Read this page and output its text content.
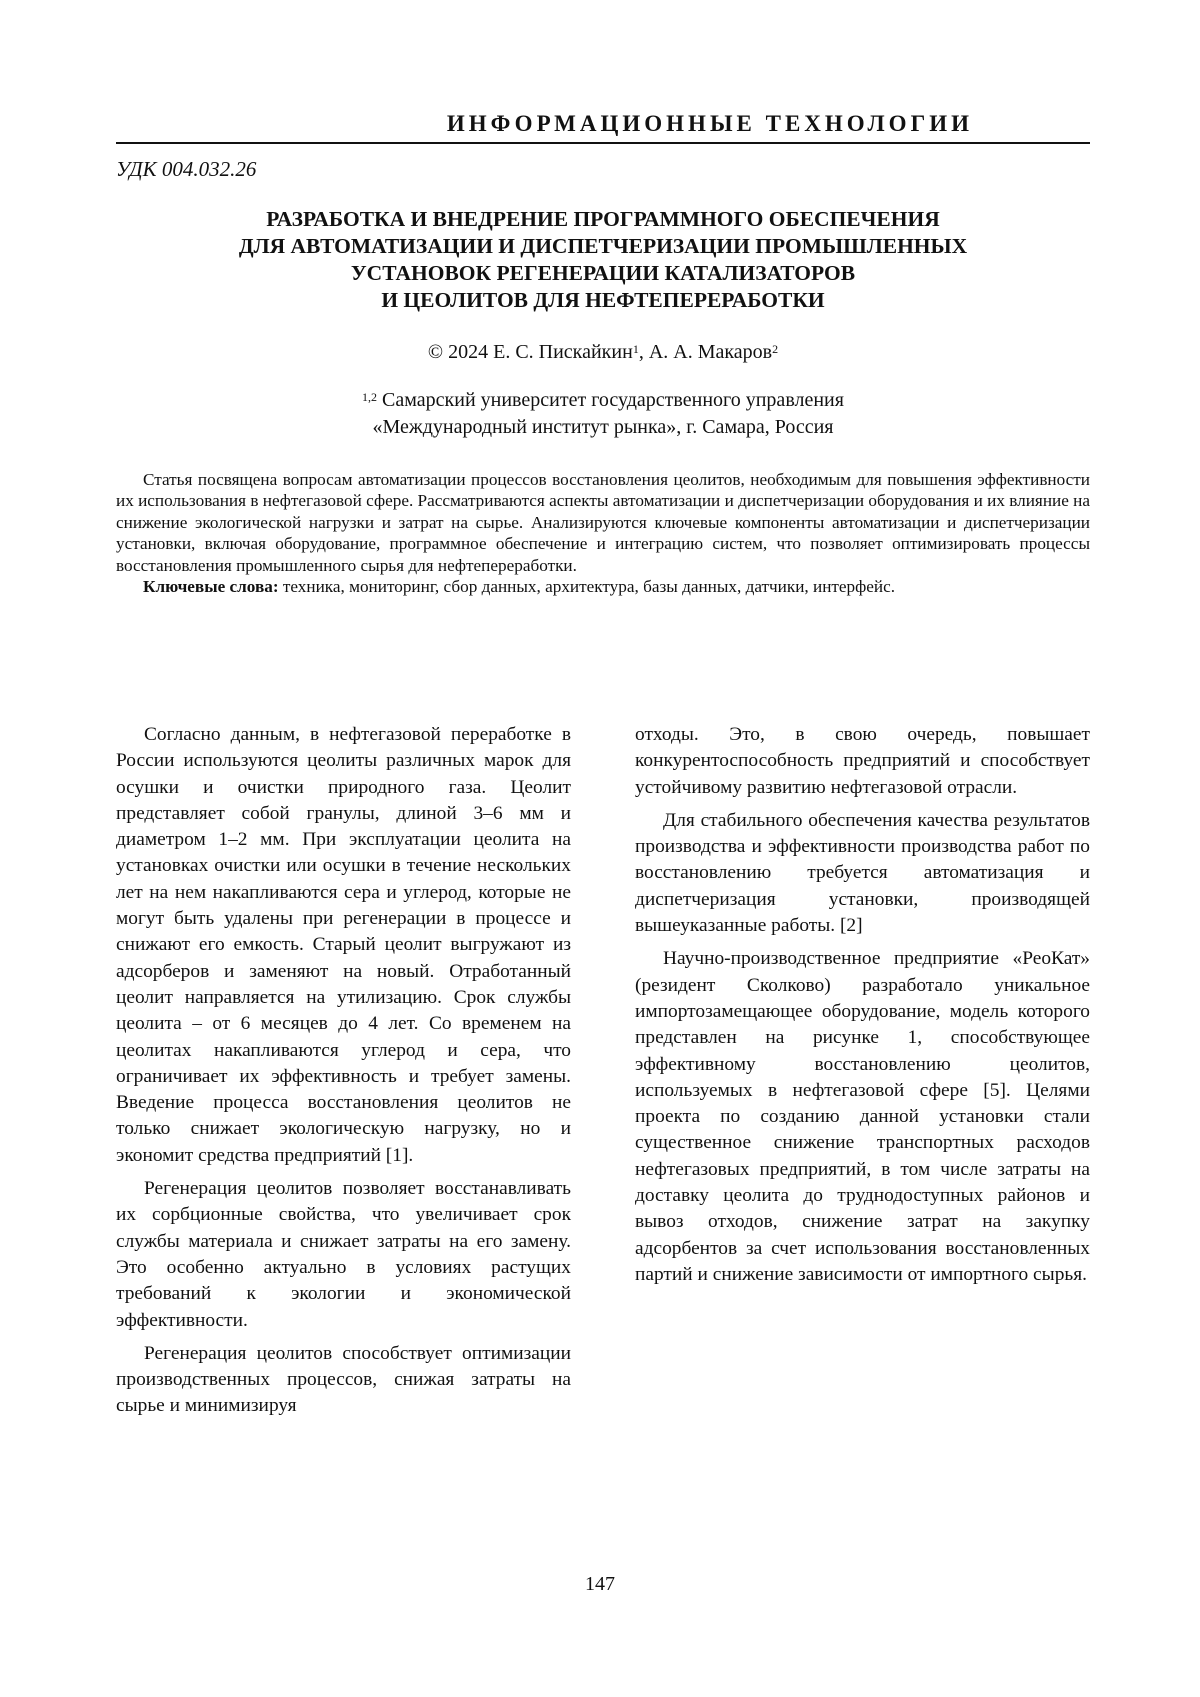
ИНФОРМАЦИОННЫЕ ТЕХНОЛОГИИ
УДК 004.032.26
РАЗРАБОТКА И ВНЕДРЕНИЕ ПРОГРАММНОГО ОБЕСПЕЧЕНИЯ
ДЛЯ АВТОМАТИЗАЦИИ И ДИСПЕТЧЕРИЗАЦИИ ПРОМЫШЛЕННЫХ
УСТАНОВОК РЕГЕНЕРАЦИИ КАТАЛИЗАТОРОВ
И ЦЕОЛИТОВ ДЛЯ НЕФТЕПЕРЕРАБОТКИ
© 2024 Е. С. Пискайкин$^1$, А. А. Макаров$^2$
$^{1,2}$ Самарский университет государственного управления
«Международный институт рынка», г. Самара, Россия

Статья посвящена вопросам автоматизации процессов восстановления цеолитов, необходимым для повышения эффективности их использования в нефтегазовой сфере. Рассматриваются аспекты автоматизации и диспетчеризации оборудования и их влияние на снижение экологической нагрузки и затрат на сырье. Анализируются ключевые компоненты автоматизации и диспетчеризации установки, включая оборудование, программное обеспечение и интеграцию систем, что позволяет оптимизировать процессы восстановления промышленного сырья для нефтепереработки.

Ключевые слова: техника, мониторинг, сбор данных, архитектура, базы данных, датчики, интерфейс.

Согласно данным, в нефтегазовой переработке в России используются цеолиты различных марок для осушки и очистки природного газа. Цеолит представляет собой гранулы, длиной 3–6 мм и диаметром 1–2 мм. При эксплуатации цеолита на установках очистки или осушки в течение нескольких лет на нем накапливаются сера и углерод, которые не могут быть удалены при регенерации в процессе и снижают его емкость. Старый цеолит выгружают из адсорберов и заменяют на новый. Отработанный цеолит направляется на утилизацию. Срок службы цеолита – от 6 месяцев до 4 лет. Со временем на цеолитах накапливаются углерод и сера, что ограничивает их эффективность и требует замены. Введение процесса восстановления цеолитов не только снижает экологическую нагрузку, но и экономит средства предприятий [1].

Регенерация цеолитов позволяет восстанавливать их сорбционные свойства, что увеличивает срок службы материала и снижает затраты на его замену. Это особенно актуально в условиях растущих требований к экологии и экономической эффективности.

Регенерация цеолитов способствует оптимизации производственных процессов, снижая затраты на сырье и минимизируя

отходы. Это, в свою очередь, повышает конкурентоспособность предприятий и способствует устойчивому развитию нефтегазовой отрасли.

Для стабильного обеспечения качества результатов производства и эффективности производства работ по восстановлению требуется автоматизация и диспетчеризация установки, производящей вышеуказанные работы. [2]

Научно-производственное предприятие «РеоКат» (резидент Сколково) разработало уникальное импортозамещающее оборудование, модель которого представлен на рисунке 1, способствующее эффективному восстановлению цеолитов, используемых в нефтегазовой сфере [5]. Целями проекта по созданию данной установки стали существенное снижение транспортных расходов нефтегазовых предприятий, в том числе затраты на доставку цеолита до труднодоступных районов и вывоз отходов, снижение затрат на закупку адсорбентов за счет использования восстановленных партий и снижение зависимости от импортного сырья.

147
